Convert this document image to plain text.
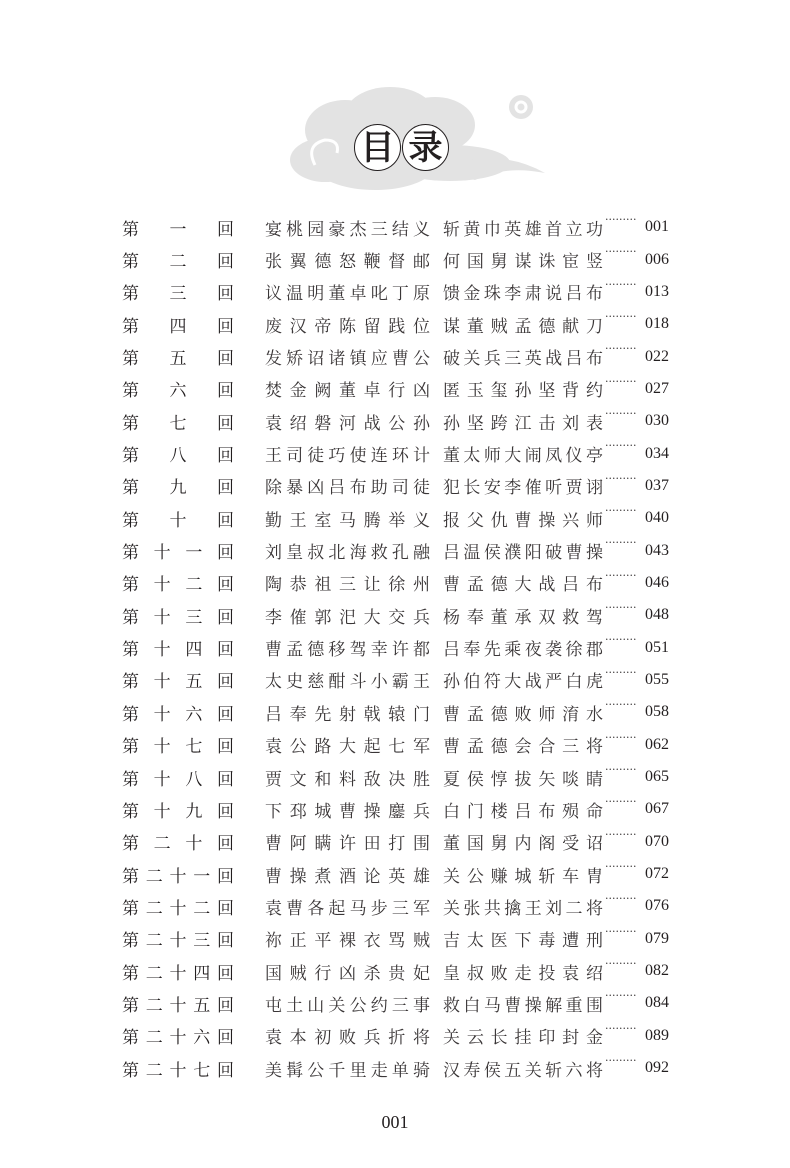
目 录
第 一 回 宴 桃 园 豪 杰 三 结 义 斩 黄 巾 英 雄 首 立 功
········· 001
第 二 回 张 翼 德 怒 鞭 督 邮 何 国 舅 谋 诛 宦 竖
········· 006
第 三 回 议 温 明 董 卓 叱 丁 原 馈 金 珠 李 肃 说 吕 布
········· 013
第 四 回 废 汉 帝 陈 留 践 位 谋 董 贼 孟 德 献 刀
········· 018
第 五 回 发 矫 诏 诸 镇 应 曹 公 破 关 兵 三 英 战 吕 布
········· 022
第 六 回 焚 金 阙 董 卓 行 凶 匿 玉 玺 孙 坚 背 约
········· 027
第 七 回 袁 绍 磐 河 战 公 孙 孙 坚 跨 江 击 刘 表
········· 030
第 八 回 王 司 徒 巧 使 连 环 计 董 太 师 大 闹 凤 仪 亭
········· 034
第 九 回 除 暴 凶 吕 布 助 司 徒 犯 长 安 李 傕 听 贾 诩
········· 037
第 十 回 勤 王 室 马 腾 举 义 报 父 仇 曹 操 兴 师
········· 040
第 十 一 回 刘 皇 叔 北 海 救 孔 融 吕 温 侯 濮 阳 破 曹 操
········· 043
第 十 二 回 陶 恭 祖 三 让 徐 州 曹 孟 德 大 战 吕 布
········· 046
第 十 三 回 李 傕 郭 汜 大 交 兵 杨 奉 董 承 双 救 驾
········· 048
第 十 四 回 曹 孟 德 移 驾 幸 许 都 吕 奉 先 乘 夜 袭 徐 郡
········· 051
第 十 五 回 太 史 慈 酣 斗 小 霸 王 孙 伯 符 大 战 严 白 虎
········· 055
第 十 六 回 吕 奉 先 射 戟 辕 门 曹 孟 德 败 师 淯 水
········· 058
第 十 七 回 袁 公 路 大 起 七 军 曹 孟 德 会 合 三 将
········· 062
第 十 八 回 贾 文 和 料 敌 决 胜 夏 侯 惇 拔 矢 啖 睛
········· 065
第 十 九 回 下 邳 城 曹 操 鏖 兵 白 门 楼 吕 布 殒 命
········· 067
第 二 十 回 曹 阿 瞒 许 田 打 围 董 国 舅 内 阁 受 诏
········· 070
第 二 十 一 回 曹 操 煮 酒 论 英 雄 关 公 赚 城 斩 车 胄
········· 072
第 二 十 二 回 袁 曹 各 起 马 步 三 军 关 张 共 擒 王 刘 二 将
········· 076
第 二 十 三 回 祢 正 平 裸 衣 骂 贼 吉 太 医 下 毒 遭 刑
········· 079
第 二 十 四 回 国 贼 行 凶 杀 贵 妃 皇 叔 败 走 投 袁 绍
········· 082
第 二 十 五 回 屯 土 山 关 公 约 三 事 救 白 马 曹 操 解 重 围
········· 084
第 二 十 六 回 袁 本 初 败 兵 折 将 关 云 长 挂 印 封 金
········· 089
第 二 十 七 回 美 髯 公 千 里 走 单 骑 汉 寿 侯 五 关 斩 六 将
········· 092
001
